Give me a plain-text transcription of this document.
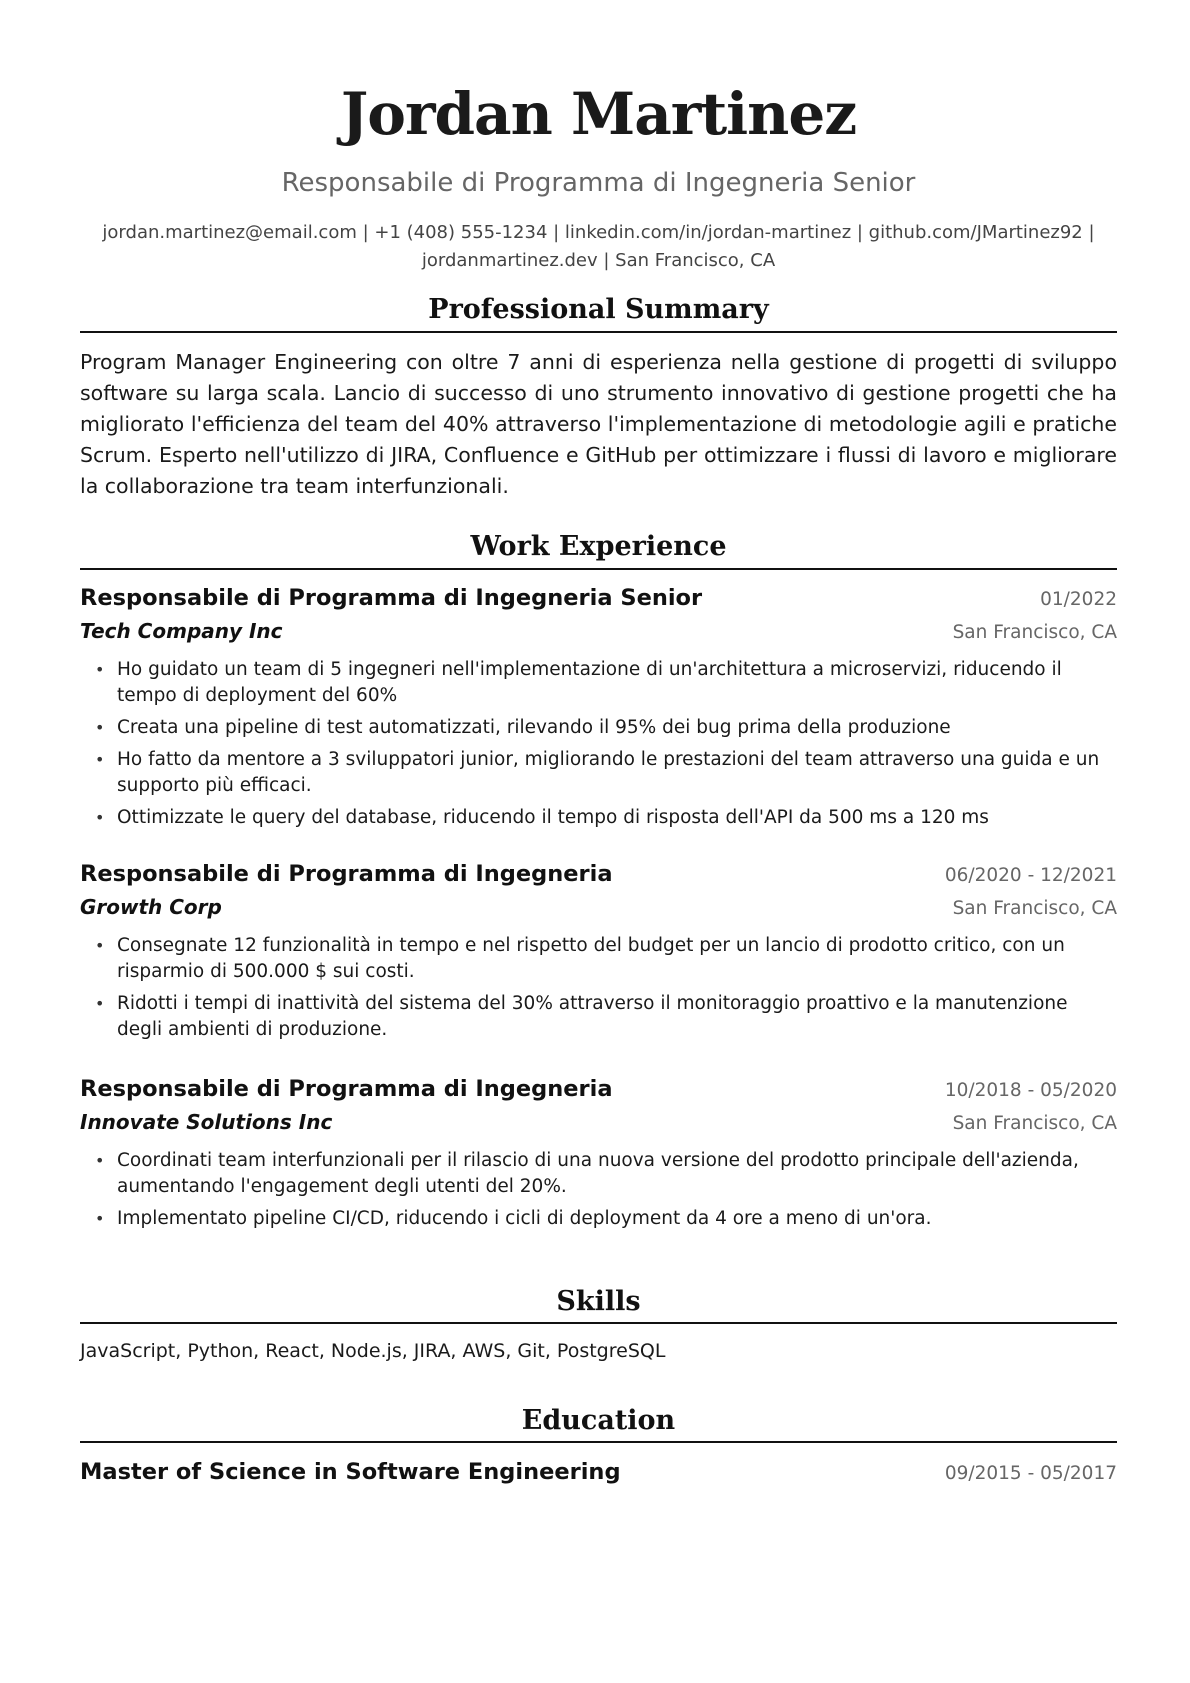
Jordan Martinez
Responsabile di Programma di Ingegneria Senior
jordan.martinez@email.com | +1 (408) 555-1234 | linkedin.com/in/jordan-martinez | github.com/JMartinez92 |
jordanmartinez.dev | San Francisco, CA
Professional Summary
Program Manager Engineering con oltre 7 anni di esperienza nella gestione di progetti di sviluppo software su larga scala. Lancio di successo di uno strumento innovativo di gestione progetti che ha migliorato l'efficienza del team del 40% attraverso l'implementazione di metodologie agili e pratiche Scrum. Esperto nell'utilizzo di JIRA, Confluence e GitHub per ottimizzare i flussi di lavoro e migliorare la collaborazione tra team interfunzionali.
Work Experience
Responsabile di Programma di Ingegneria Senior	01/2022
Tech Company Inc	San Francisco, CA
• Ho guidato un team di 5 ingegneri nell'implementazione di un'architettura a microservizi, riducendo il tempo di deployment del 60%
• Creata una pipeline di test automatizzati, rilevando il 95% dei bug prima della produzione
• Ho fatto da mentore a 3 sviluppatori junior, migliorando le prestazioni del team attraverso una guida e un supporto più efficaci.
• Ottimizzate le query del database, riducendo il tempo di risposta dell'API da 500 ms a 120 ms
Responsabile di Programma di Ingegneria	06/2020 - 12/2021
Growth Corp	San Francisco, CA
• Consegnate 12 funzionalità in tempo e nel rispetto del budget per un lancio di prodotto critico, con un risparmio di 500.000 $ sui costi.
• Ridotti i tempi di inattività del sistema del 30% attraverso il monitoraggio proattivo e la manutenzione degli ambienti di produzione.
Responsabile di Programma di Ingegneria	10/2018 - 05/2020
Innovate Solutions Inc	San Francisco, CA
• Coordinati team interfunzionali per il rilascio di una nuova versione del prodotto principale dell'azienda, aumentando l'engagement degli utenti del 20%.
• Implementato pipeline CI/CD, riducendo i cicli di deployment da 4 ore a meno di un'ora.
Skills
JavaScript, Python, React, Node.js, JIRA, AWS, Git, PostgreSQL
Education
Master of Science in Software Engineering	09/2015 - 05/2017
